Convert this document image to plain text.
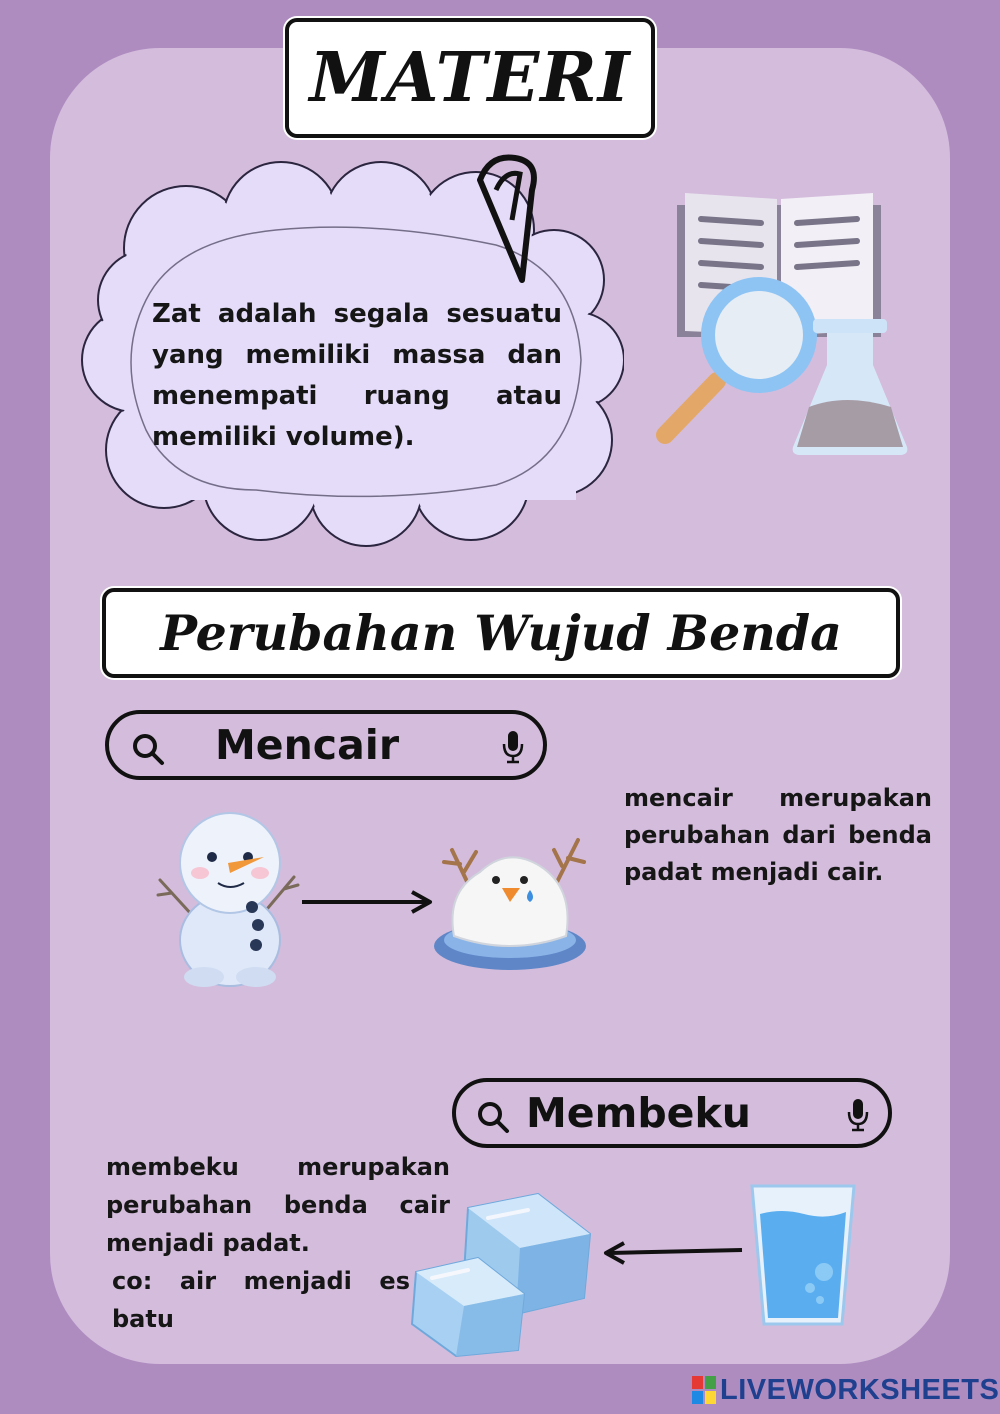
MATERI

Zat adalah segala sesuatu yang memiliki massa dan menempati ruang atau memiliki volume).

Perubahan Wujud Benda
Mencair

mencair merupakan perubahan dari benda padat menjadi cair.

Membeku

membeku merupakan perubahan benda cair menjadi padat.

co: air menjadi es batu

LIVEWORKSHEETS
